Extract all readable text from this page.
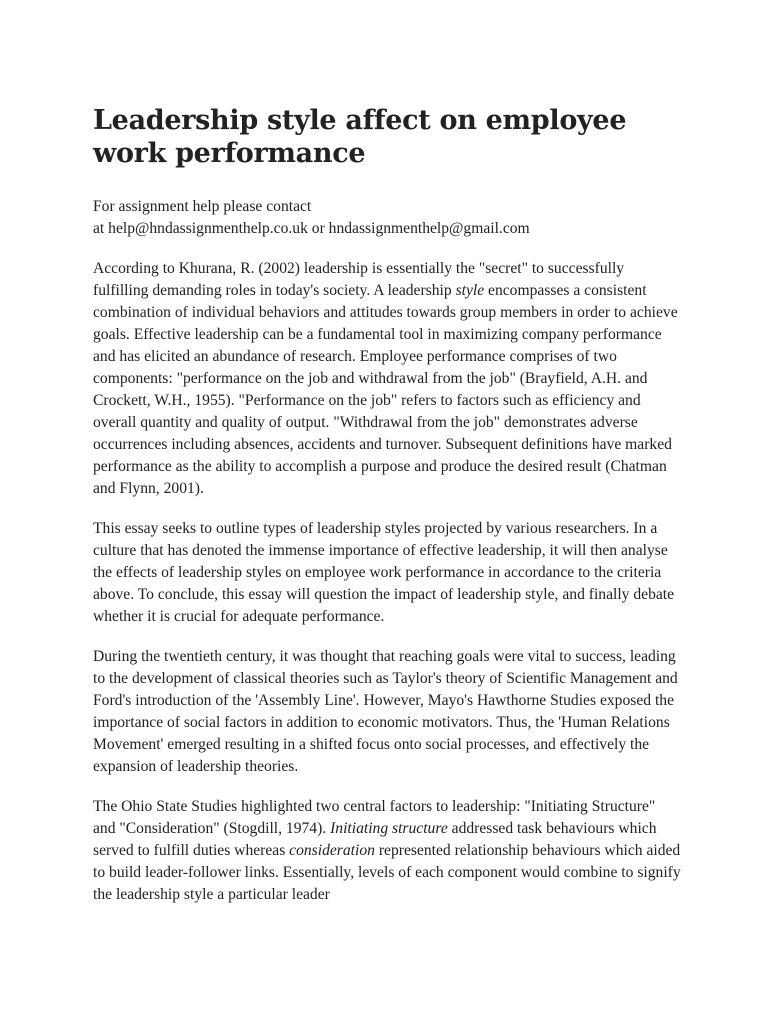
Leadership style affect on employee work performance
For assignment help please contact
at help@hndassignmenthelp.co.uk or hndassignmenthelp@gmail.com

According to Khurana, R. (2002) leadership is essentially the "secret" to successfully fulfilling demanding roles in today's society. A leadership style encompasses a consistent combination of individual behaviors and attitudes towards group members in order to achieve goals. Effective leadership can be a fundamental tool in maximizing company performance and has elicited an abundance of research. Employee performance comprises of two components: "performance on the job and withdrawal from the job" (Brayfield, A.H. and Crockett, W.H., 1955). "Performance on the job" refers to factors such as efficiency and overall quantity and quality of output. "Withdrawal from the job" demonstrates adverse occurrences including absences, accidents and turnover. Subsequent definitions have marked performance as the ability to accomplish a purpose and produce the desired result (Chatman and Flynn, 2001).

This essay seeks to outline types of leadership styles projected by various researchers. In a culture that has denoted the immense importance of effective leadership, it will then analyse the effects of leadership styles on employee work performance in accordance to the criteria above. To conclude, this essay will question the impact of leadership style, and finally debate whether it is crucial for adequate performance.

During the twentieth century, it was thought that reaching goals were vital to success, leading to the development of classical theories such as Taylor's theory of Scientific Management and Ford's introduction of the 'Assembly Line'. However, Mayo's Hawthorne Studies exposed the importance of social factors in addition to economic motivators. Thus, the 'Human Relations Movement' emerged resulting in a shifted focus onto social processes, and effectively the expansion of leadership theories.

The Ohio State Studies highlighted two central factors to leadership: "Initiating Structure" and "Consideration" (Stogdill, 1974). Initiating structure addressed task behaviours which served to fulfill duties whereas consideration represented relationship behaviours which aided to build leader-follower links. Essentially, levels of each component would combine to signify the leadership style a particular leader
